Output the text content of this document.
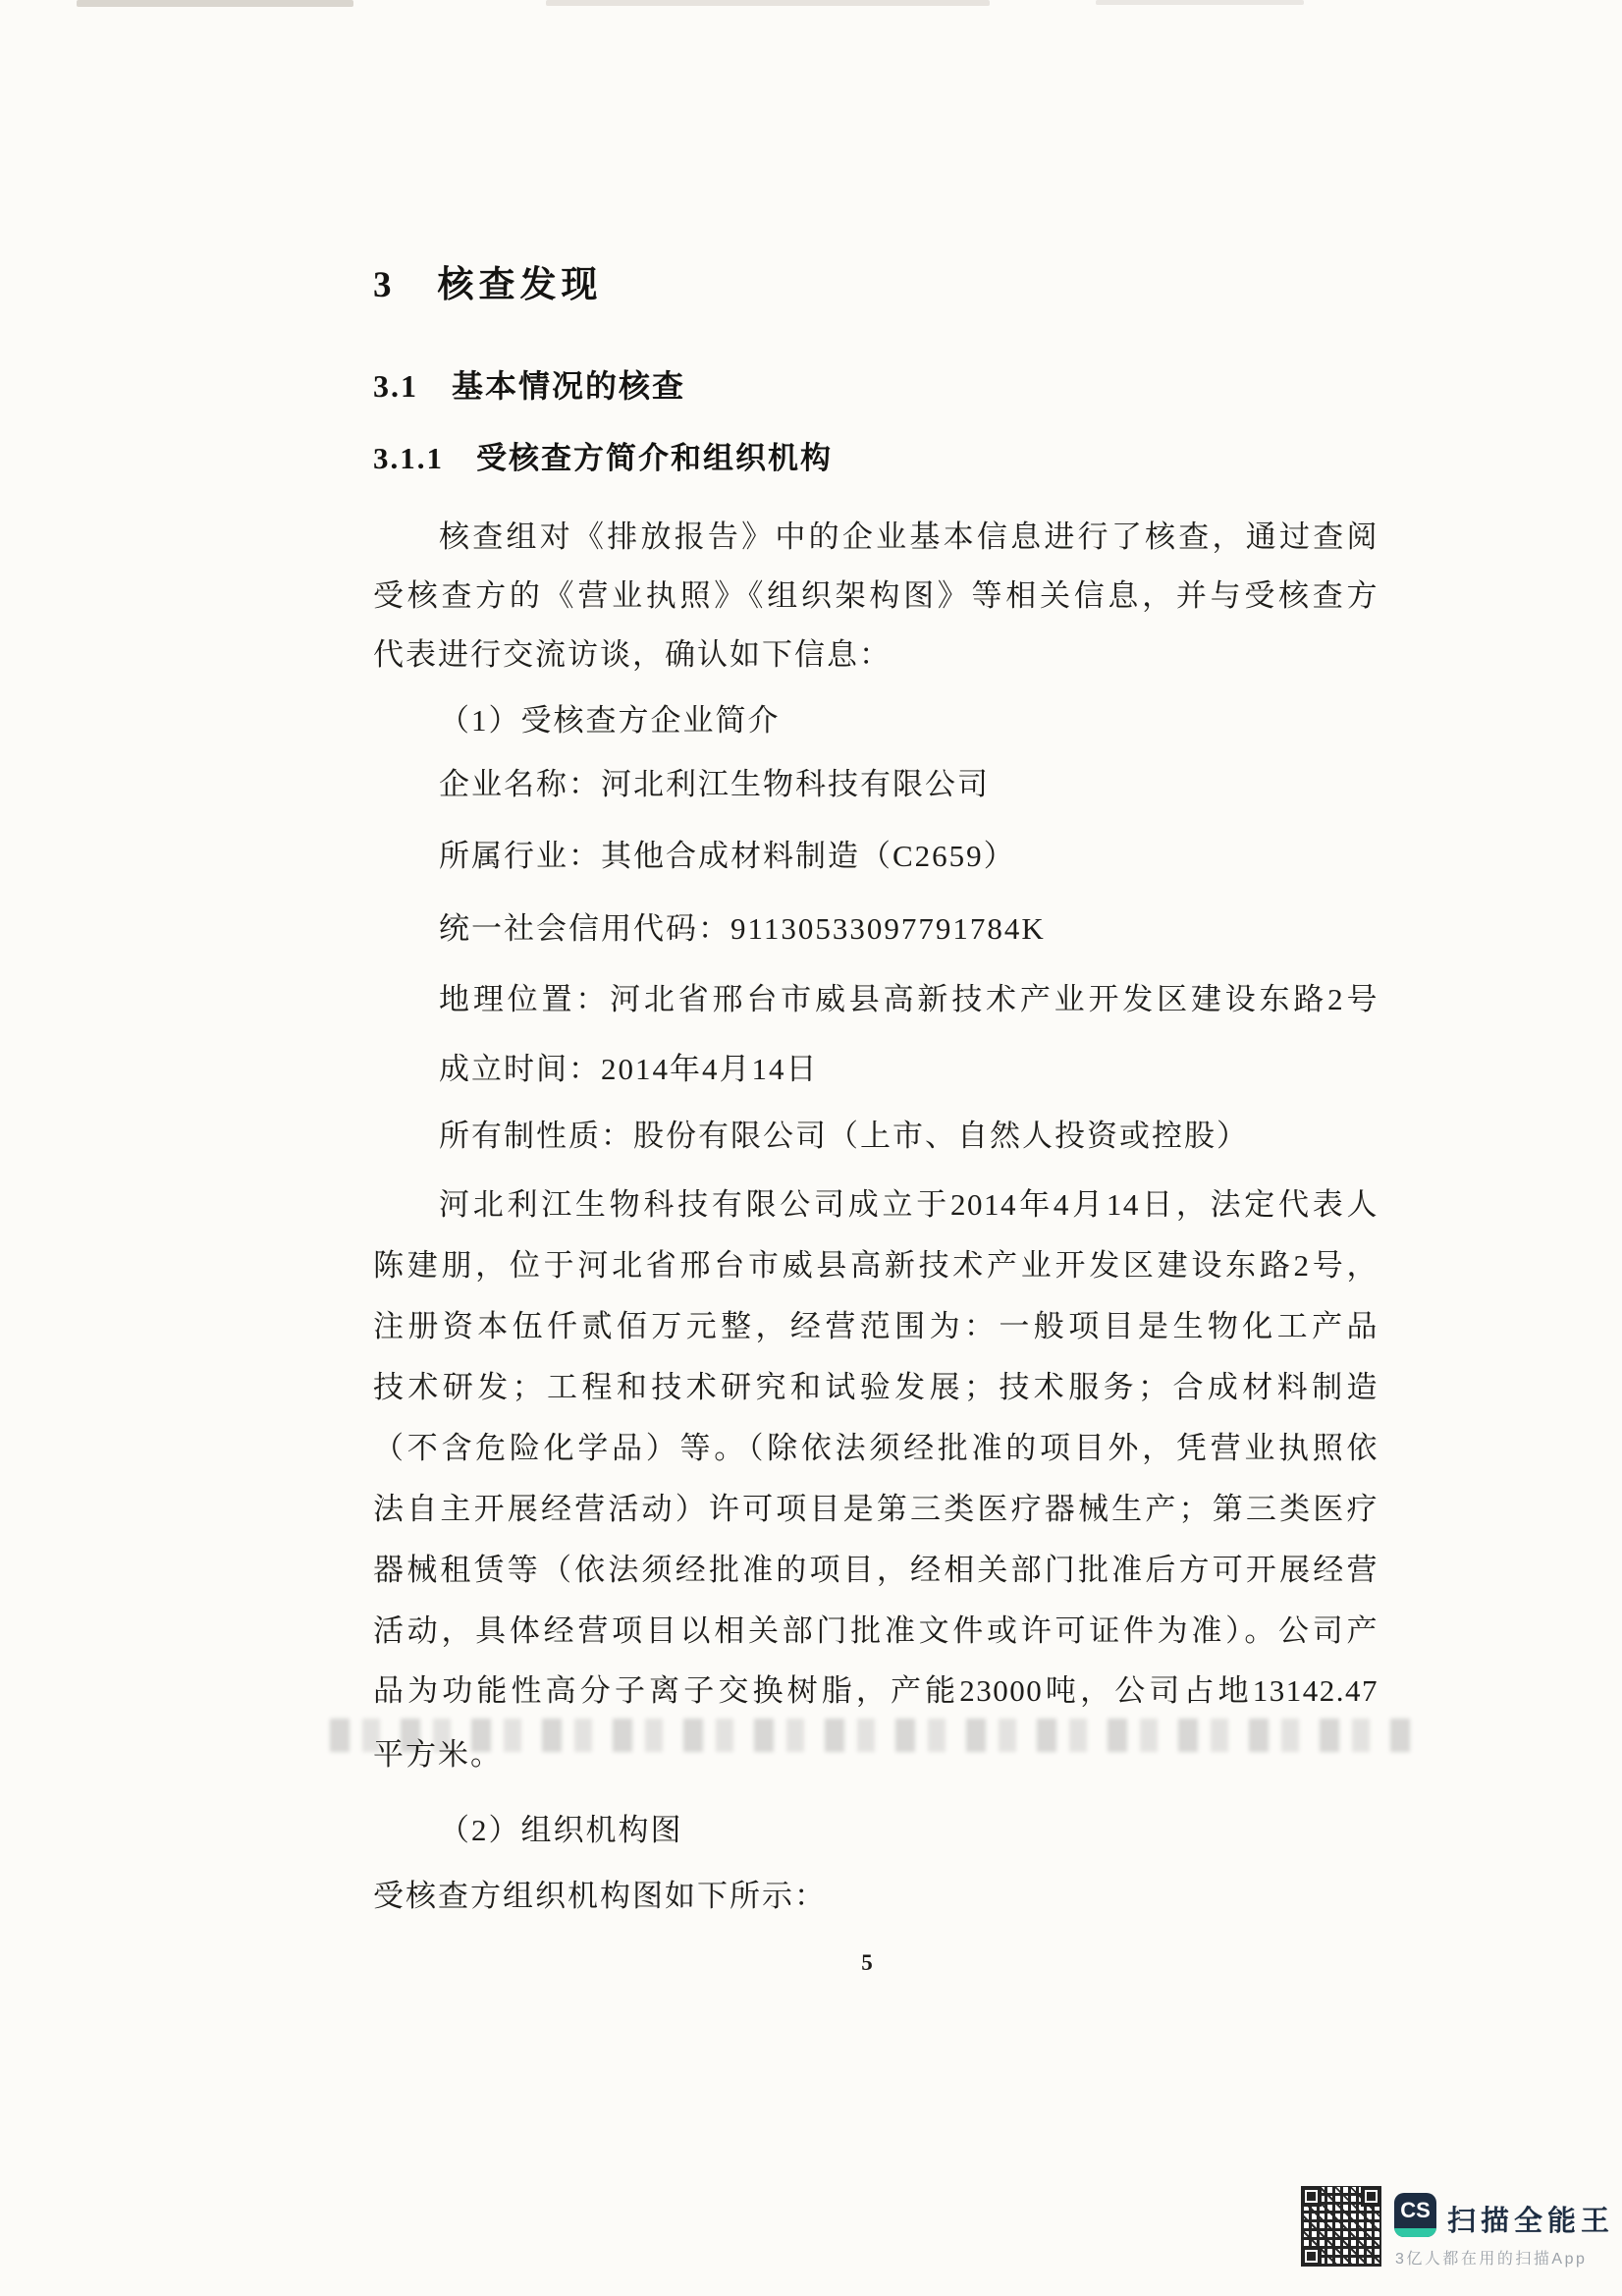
3　核查发现
3.1　基本情况的核查
3.1.1　受核查方简介和组织机构
核查组对《排放报告》中的企业基本信息进行了核查，通过查阅
受核查方的《营业执照》《组织架构图》等相关信息，并与受核查方
代表进行交流访谈，确认如下信息：
（1）受核查方企业简介
企业名称：河北利江生物科技有限公司
所属行业：其他合成材料制造（C2659）
统一社会信用代码：91130533097791784K
地理位置：河北省邢台市威县高新技术产业开发区建设东路2号
成立时间：2014年4月14日
所有制性质：股份有限公司（上市、自然人投资或控股）
河北利江生物科技有限公司成立于2014年4月14日，法定代表人
陈建朋，位于河北省邢台市威县高新技术产业开发区建设东路2号，
注册资本伍仟贰佰万元整，经营范围为：一般项目是生物化工产品
技术研发；工程和技术研究和试验发展；技术服务；合成材料制造
（不含危险化学品）等。（除依法须经批准的项目外，凭营业执照依
法自主开展经营活动）许可项目是第三类医疗器械生产；第三类医疗
器械租赁等（依法须经批准的项目，经相关部门批准后方可开展经营
活动，具体经营项目以相关部门批准文件或许可证件为准）。公司产
品为功能性高分子离子交换树脂，产能23000吨，公司占地13142.47
平方米。
（2）组织机构图
受核查方组织机构图如下所示：
5
CS 扫描全能王
3亿人都在用的扫描App
